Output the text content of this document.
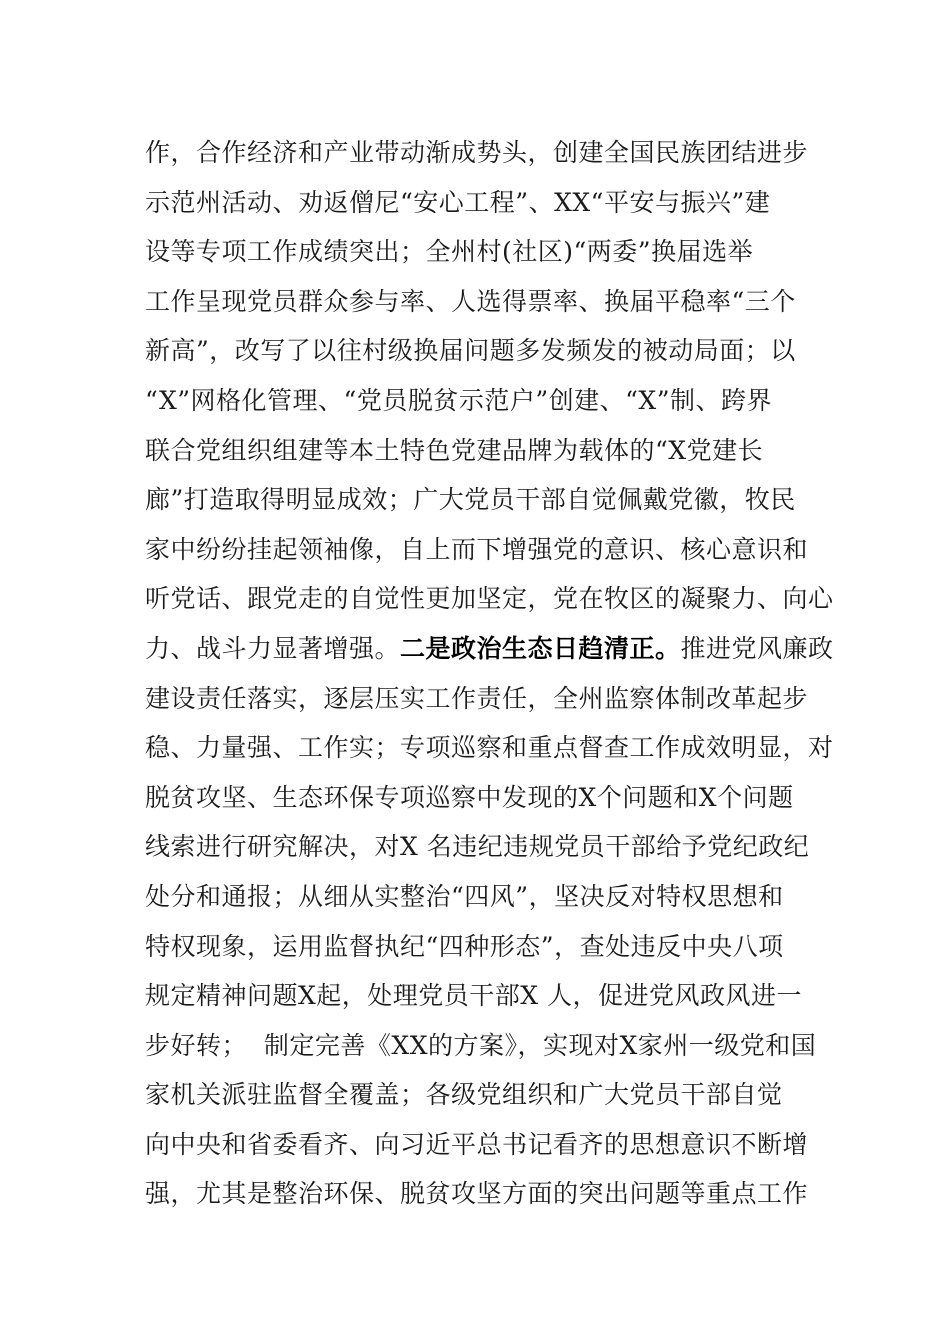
作，合作经济和产业带动渐成势头，创建全国民族团结进步
示范州活动、劝返僧尼“安心工程”、XX“平安与振兴”建
设等专项工作成绩突出；全州村(社区)“两委”换届选举
工作呈现党员群众参与率、人选得票率、换届平稳率“三个
新高”，改写了以往村级换届问题多发频发的被动局面；以
“X”网格化管理、“党员脱贫示范户”创建、“X”制、跨界
联合党组织组建等本土特色党建品牌为载体的“X党建长
廊”打造取得明显成效；广大党员干部自觉佩戴党徽，牧民
家中纷纷挂起领袖像，自上而下增强党的意识、核心意识和
听党话、跟党走的自觉性更加坚定，党在牧区的凝聚力、向心
力、战斗力显著增强。二是政治生态日趋清正。推进党风廉政
建设责任落实，逐层压实工作责任，全州监察体制改革起步
稳、力量强、工作实；专项巡察和重点督查工作成效明显，对
脱贫攻坚、生态环保专项巡察中发现的X个问题和X个问题
线索进行研究解决，对X 名违纪违规党员干部给予党纪政纪
处分和通报；从细从实整治“四风”，坚决反对特权思想和
特权现象，运用监督执纪“四种形态”，查处违反中央八项
规定精神问题X起，处理党员干部X 人，促进党风政风进一
步好转；  制定完善《XX的方案》，实现对X家州一级党和国
家机关派驻监督全覆盖；各级党组织和广大党员干部自觉
向中央和省委看齐、向习近平总书记看齐的思想意识不断增
强，尤其是整治环保、脱贫攻坚方面的突出问题等重点工作
